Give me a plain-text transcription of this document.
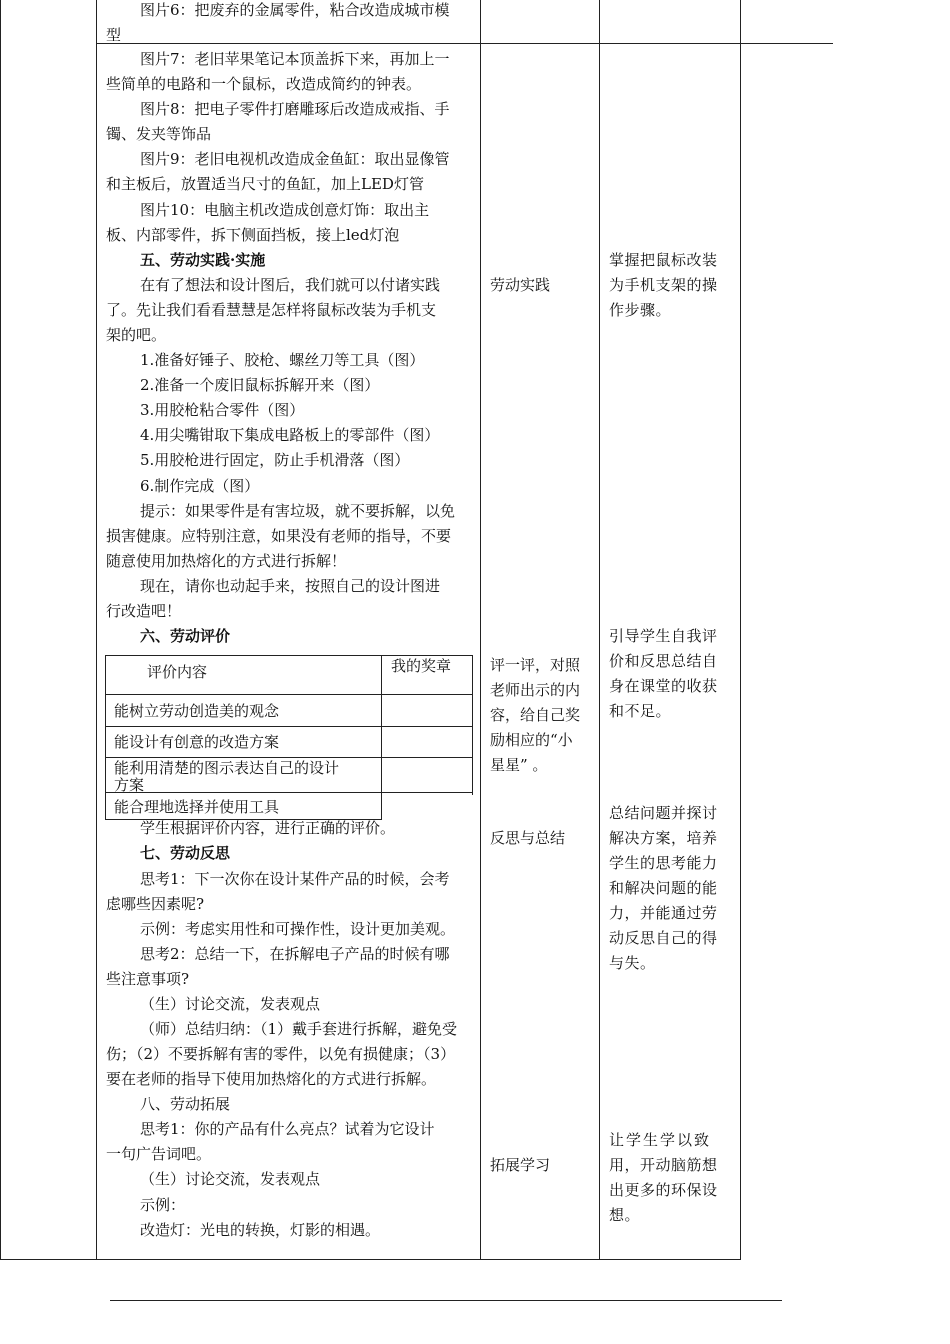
图片6：把废弃的金属零件，粘合改造成城市模
型
图片7：老旧苹果笔记本顶盖拆下来，再加上一
些简单的电路和一个鼠标，改造成简约的钟表。
图片8：把电子零件打磨雕琢后改造成戒指、手
镯、发夹等饰品
图片9：老旧电视机改造成金鱼缸：取出显像管
和主板后，放置适当尺寸的鱼缸，加上LED灯管
图片10：电脑主机改造成创意灯饰：取出主
板、内部零件，拆下侧面挡板，接上led灯泡
五、劳动实践·实施
在有了想法和设计图后，我们就可以付诸实践
了。先让我们看看慧慧是怎样将鼠标改装为手机支
架的吧。
1.准备好锤子、胶枪、螺丝刀等工具（图）
2.准备一个废旧鼠标拆解开来（图）
3.用胶枪粘合零件（图）
4.用尖嘴钳取下集成电路板上的零部件（图）
5.用胶枪进行固定，防止手机滑落（图）
6.制作完成（图）
提示：如果零件是有害垃圾，就不要拆解，以免
损害健康。应特别注意，如果没有老师的指导，不要
随意使用加热熔化的方式进行拆解！
现在，请你也动起手来，按照自己的设计图进
行改造吧！
六、劳动评价
评价内容	我的奖章
能树立劳动创造美的观念
能设计有创意的改造方案
能利用清楚的图示表达自己的设计
方案
能合理地选择并使用工具
学生根据评价内容，进行正确的评价。
七、劳动反思
思考1：下一次你在设计某件产品的时候，会考
虑哪些因素呢?
示例：考虑实用性和可操作性，设计更加美观。
思考2：总结一下，在拆解电子产品的时候有哪
些注意事项?
（生）讨论交流，发表观点
（师）总结归纳：（1）戴手套进行拆解，避免受
伤；（2）不要拆解有害的零件，以免有损健康；（3）
要在老师的指导下使用加热熔化的方式进行拆解。
八、劳动拓展
思考1：你的产品有什么亮点？试着为它设计
一句广告词吧。
（生）讨论交流，发表观点
示例：
改造灯：光电的转换，灯影的相遇。
劳动实践
评一评，对照
老师出示的内
容，给自己奖
励相应的“小
星星” 。
反思与总结
拓展学习
掌握把鼠标改装
为手机支架的操
作步骤。
引导学生自我评
价和反思总结自
身在课堂的收获
和不足。
总结问题并探讨
解决方案，培养
学生的思考能力
和解决问题的能
力，并能通过劳
动反思自己的得
与失。
让学生学以致
用，开动脑筋想
出更多的环保设
想。
